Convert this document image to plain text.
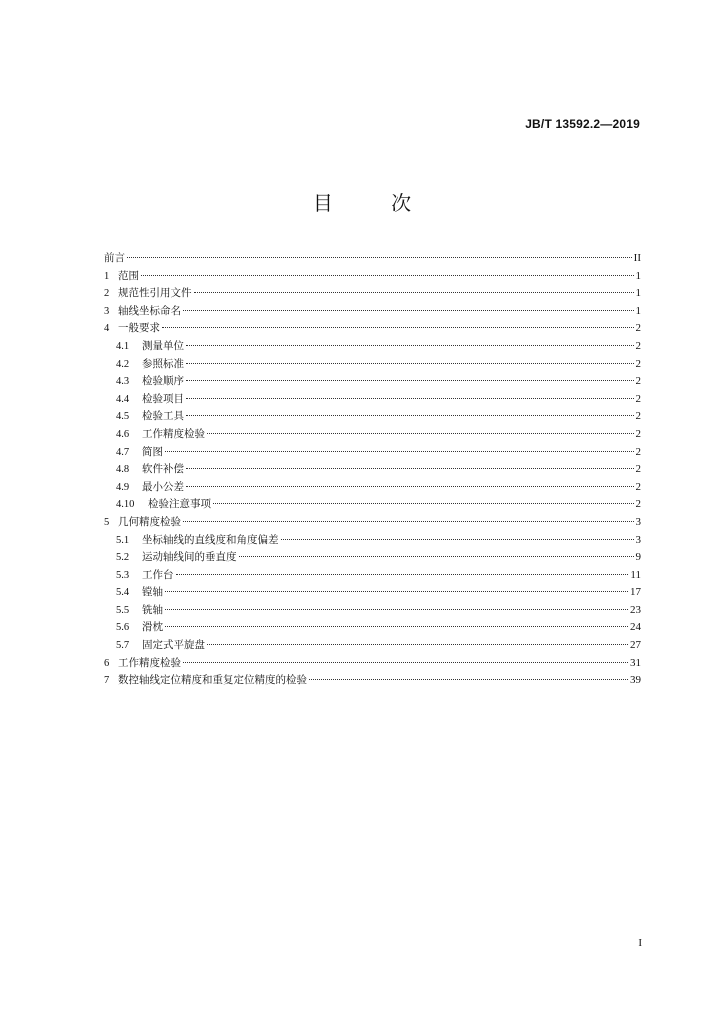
JB/T 13592.2—2019
目 次
前言	II
1 范围	1
2 规范性引用文件	1
3 轴线坐标命名	1
4 一般要求	2
4.1	测量单位	2
4.2	参照标准	2
4.3	检验顺序	2
4.4	检验项目	2
4.5	检验工具	2
4.6	工作精度检验	2
4.7	简图	2
4.8	软件补偿	2
4.9	最小公差	2
4.10	检验注意事项	2
5 几何精度检验	3
5.1	坐标轴线的直线度和角度偏差	3
5.2	运动轴线间的垂直度	9
5.3	工作台	11
5.4	镗轴	17
5.5	铣轴	23
5.6	滑枕	24
5.7	固定式平旋盘	27
6 工作精度检验	31
7 数控轴线定位精度和重复定位精度的检验	39
I
